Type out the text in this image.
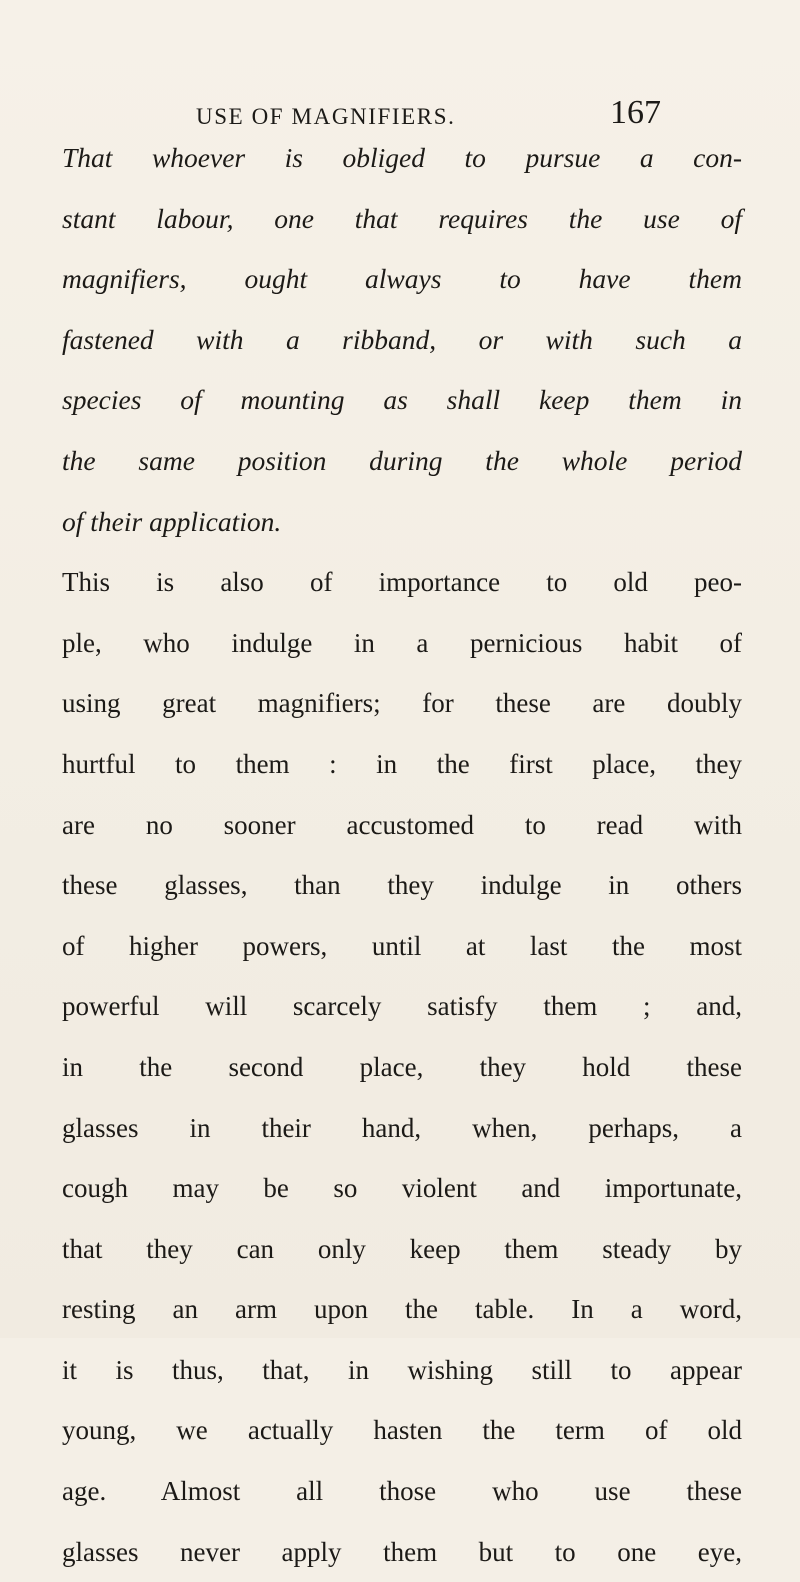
USE OF MAGNIFIERS.	167
That whoever is obliged to pursue a con-
stant labour, one that requires the use of
magnifiers, ought always to have them
fastened with a ribband, or with such a
species of mounting as shall keep them in
the same position during the whole period
of their application.
This is also of importance to old peo-
ple, who indulge in a pernicious habit of
using great magnifiers; for these are doubly
hurtful to them : in the first place, they
are no sooner accustomed to read with
these glasses, than they indulge in others
of higher powers, until at last the most
powerful will scarcely satisfy them ; and,
in the second place, they hold these
glasses in their hand, when, perhaps, a
cough may be so violent and importunate,
that they can only keep them steady by
resting an arm upon the table. In a word,
it is thus, that, in wishing still to appear
young, we actually hasten the term of old
age. Almost all those who use these
glasses never apply them but to one eye,
